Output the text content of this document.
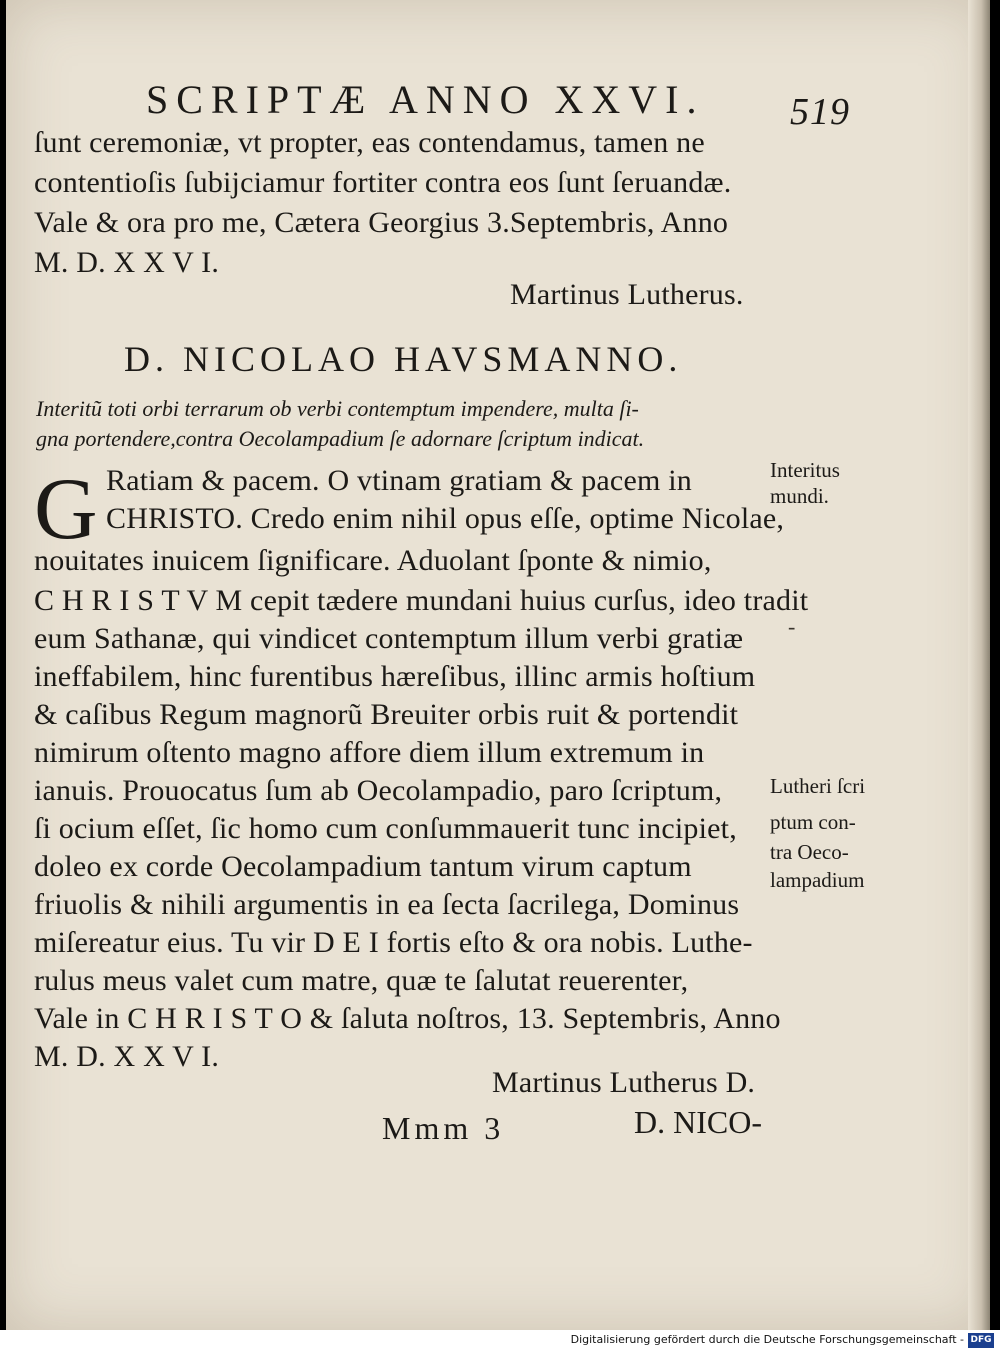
SCRIPTÆ ANNO XXVI. 519
ſunt ceremoniæ, vt propter, eas contendamus, tamen ne
contentioſis ſubijciamur fortiter contra eos ſunt ſeruandæ.
Vale & ora pro me, Cætera Georgius 3.Septembris, Anno
M. D. X X V I.
Martinus Lutherus.
D. NICOLAO HAVSMANNO.
Interitũ toti orbi terrarum ob verbi contemptum impendere, multa ſi-
gna portendere,contra Oecolampadium ſe adornare ſcriptum indicat.
G Ratiam & pacem. O vtinam gratiam & pacem in
CHRISTO. Credo enim nihil opus eſſe, optime Nicolae,
nouitates inuicem ſignificare. Aduolant ſponte & nimio,
C H R I S T V M cepit tædere mundani huius curſus, ideo tradit
eum Sathanæ, qui vindicet contemptum illum verbi gratiæ
ineffabilem, hinc furentibus hæreſibus, illinc armis hoſtium
& caſibus Regum magnorũ Breuiter orbis ruit & portendit
nimirum oſtento magno affore diem illum extremum in
ianuis. Prouocatus ſum ab Oecolampadio, paro ſcriptum,
ſi ocium eſſet, ſic homo cum conſummauerit tunc incipiet,
doleo ex corde Oecolampadium tantum virum captum
friuolis & nihili argumentis in ea ſecta ſacrilega, Dominus
miſereatur eius. Tu vir D E I fortis eſto & ora nobis. Luthe-
rulus meus valet cum matre, quæ te ſalutat reuerenter,
Vale in C H R I S T O & ſaluta noſtros, 13. Septembris, Anno
M. D. X X V I.
Martinus Lutherus D.
Interitus
mundi.
-
Lutheri ſcri
ptum con-
tra Oeco-
lampadium
Mmm 3	D. NICO-
Digitalisierung gefördert durch die Deutsche Forschungsgemeinschaft - DFG
